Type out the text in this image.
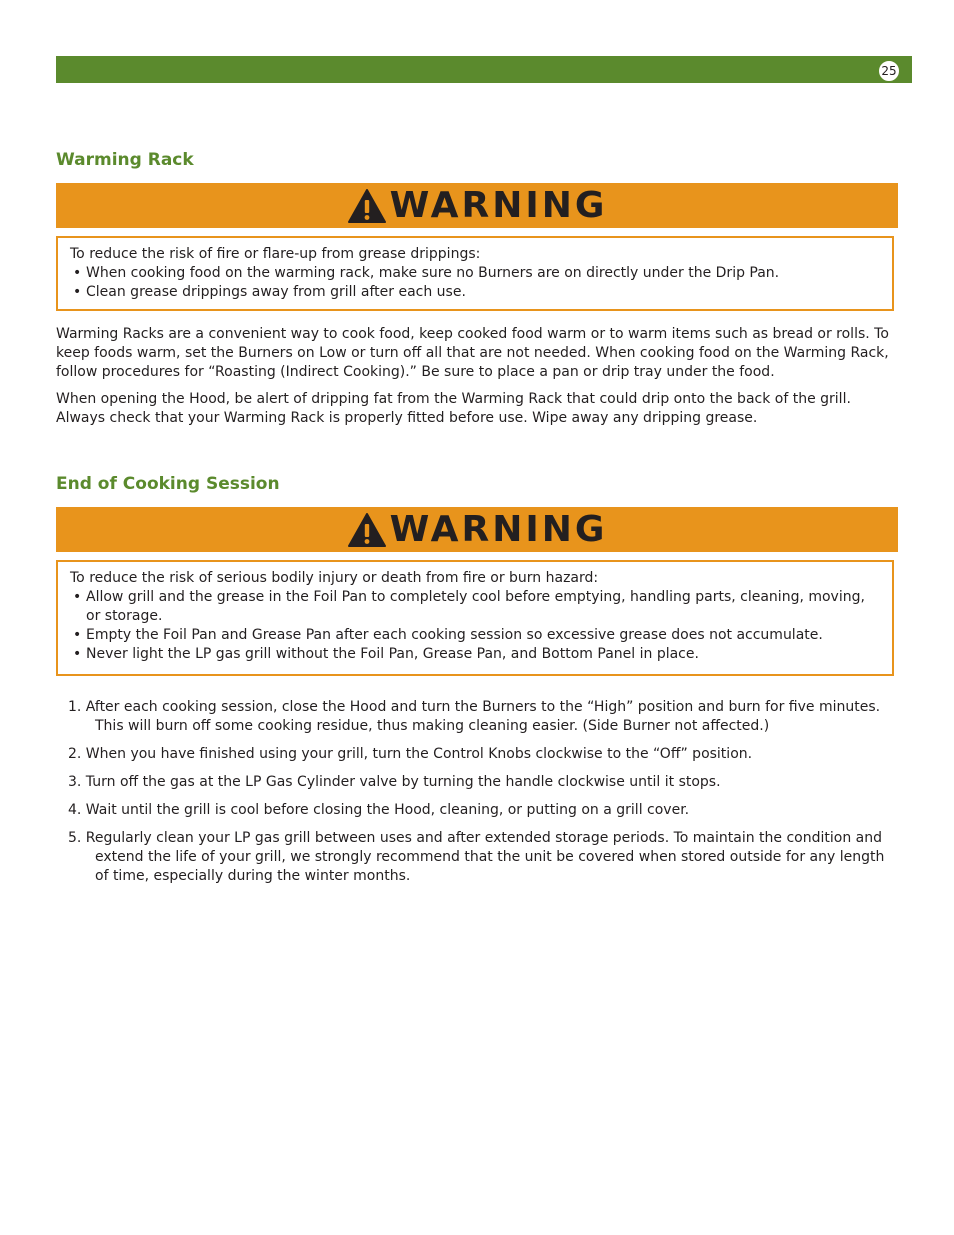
25
Warming Rack
WARNING
To reduce the risk of fire or flare-up from grease drippings:
• When cooking food on the warming rack, make sure no Burners are on directly under the Drip Pan.
• Clean grease drippings away from grill after each use.

Warming Racks are a convenient way to cook food, keep cooked food warm or to warm items such as bread or rolls. To keep foods warm, set the Burners on Low or turn off all that are not needed. When cooking food on the Warming Rack, follow procedures for “Roasting (Indirect Cooking).” Be sure to place a pan or drip tray under the food.

When opening the Hood, be alert of dripping fat from the Warming Rack that could drip onto the back of the grill. Always check that your Warming Rack is properly fitted before use. Wipe away any dripping grease.

End of Cooking Session
WARNING
To reduce the risk of serious bodily injury or death from fire or burn hazard:
• Allow grill and the grease in the Foil Pan to completely cool before emptying, handling parts, cleaning, moving, or storage.
• Empty the Foil Pan and Grease Pan after each cooking session so excessive grease does not accumulate.
• Never light the LP gas grill without the Foil Pan, Grease Pan, and Bottom Panel in place.
1. After each cooking session, close the Hood and turn the Burners to the “High” position and burn for five minutes. This will burn off some cooking residue, thus making cleaning easier. (Side Burner not affected.)
2. When you have finished using your grill, turn the Control Knobs clockwise to the “Off” position.
3. Turn off the gas at the LP Gas Cylinder valve by turning the handle clockwise until it stops.
4. Wait until the grill is cool before closing the Hood, cleaning, or putting on a grill cover.
5. Regularly clean your LP gas grill between uses and after extended storage periods. To maintain the condition and extend the life of your grill, we strongly recommend that the unit be covered when stored outside for any length of time, especially during the winter months.
